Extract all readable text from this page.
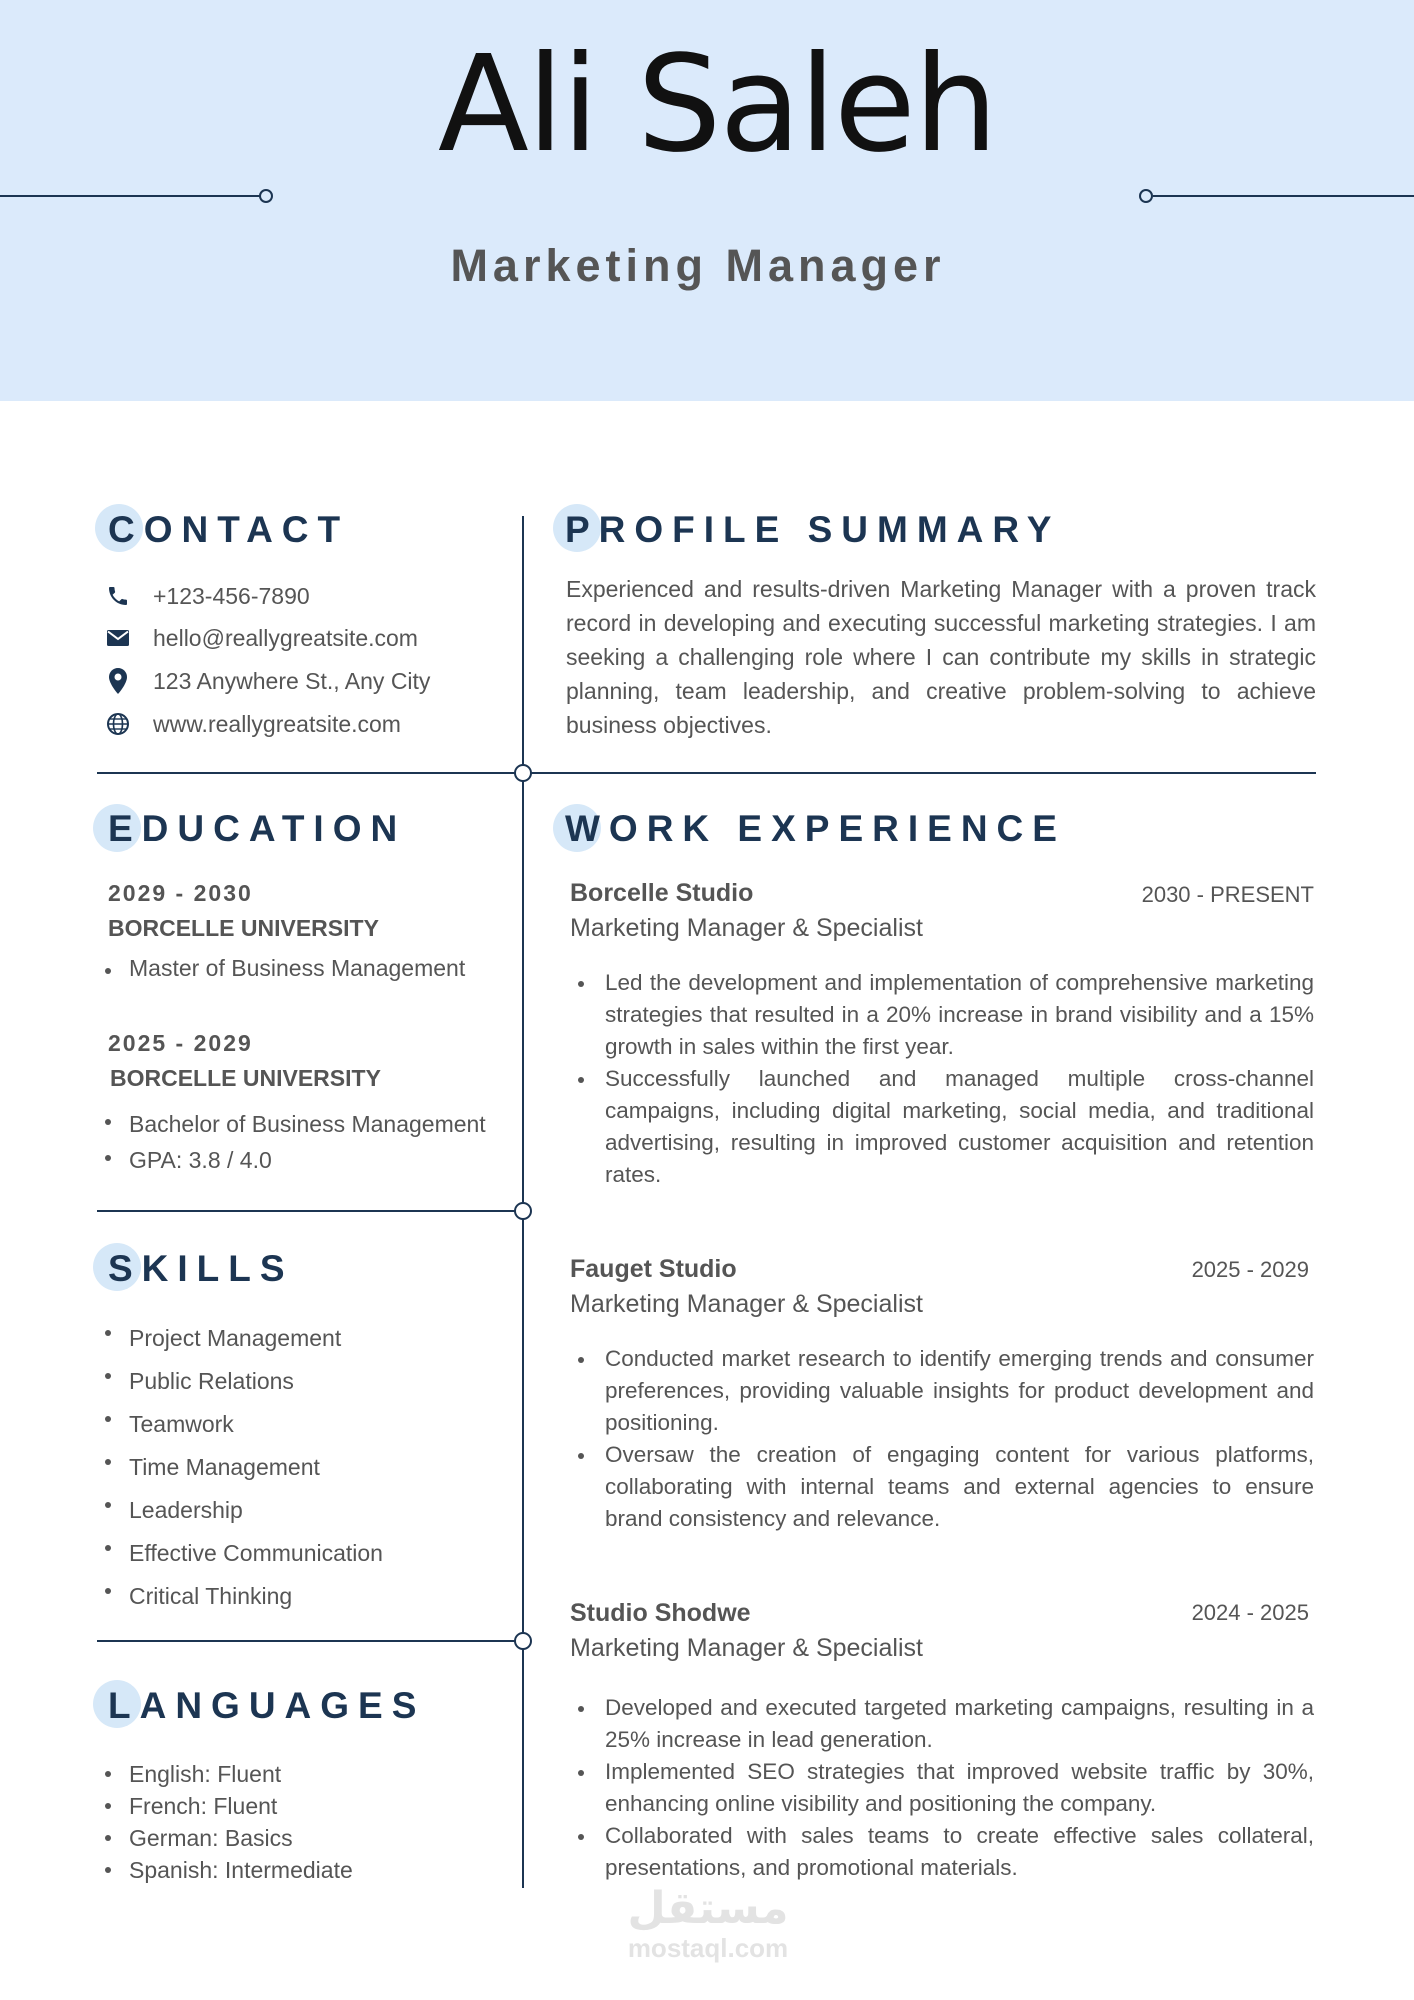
Ali Saleh
Marketing Manager
CONTACT
+123-456-7890
hello@reallygreatsite.com
123 Anywhere St., Any City
www.reallygreatsite.com
PROFILE SUMMARY
Experienced and results-driven Marketing Manager with a proven track record in developing and executing successful marketing strategies. I am seeking a challenging role where I can contribute my skills in strategic planning, team leadership, and creative problem-solving to achieve business objectives.
EDUCATION
2029 - 2030
BORCELLE UNIVERSITY
Master of Business Management
2025 - 2029
BORCELLE UNIVERSITY
Bachelor of Business Management
GPA: 3.8 / 4.0
SKILLS
Project Management
Public Relations
Teamwork
Time Management
Leadership
Effective Communication
Critical Thinking
LANGUAGES
English: Fluent
French: Fluent
German: Basics
Spanish: Intermediate
WORK EXPERIENCE
Borcelle Studio	2030 - PRESENT
Marketing Manager & Specialist
Led the development and implementation of comprehensive marketing strategies that resulted in a 20% increase in brand visibility and a 15% growth in sales within the first year.
Successfully launched and managed multiple cross-channel campaigns, including digital marketing, social media, and traditional advertising, resulting in improved customer acquisition and retention rates.
Fauget Studio	2025 - 2029
Marketing Manager & Specialist
Conducted market research to identify emerging trends and consumer preferences, providing valuable insights for product development and positioning.
Oversaw the creation of engaging content for various platforms, collaborating with internal teams and external agencies to ensure brand consistency and relevance.
Studio Shodwe	2024 - 2025
Marketing Manager & Specialist
Developed and executed targeted marketing campaigns, resulting in a 25% increase in lead generation.
Implemented SEO strategies that improved website traffic by 30%, enhancing online visibility and positioning the company.
Collaborated with sales teams to create effective sales collateral, presentations, and promotional materials.
مستقل
mostaql.com
